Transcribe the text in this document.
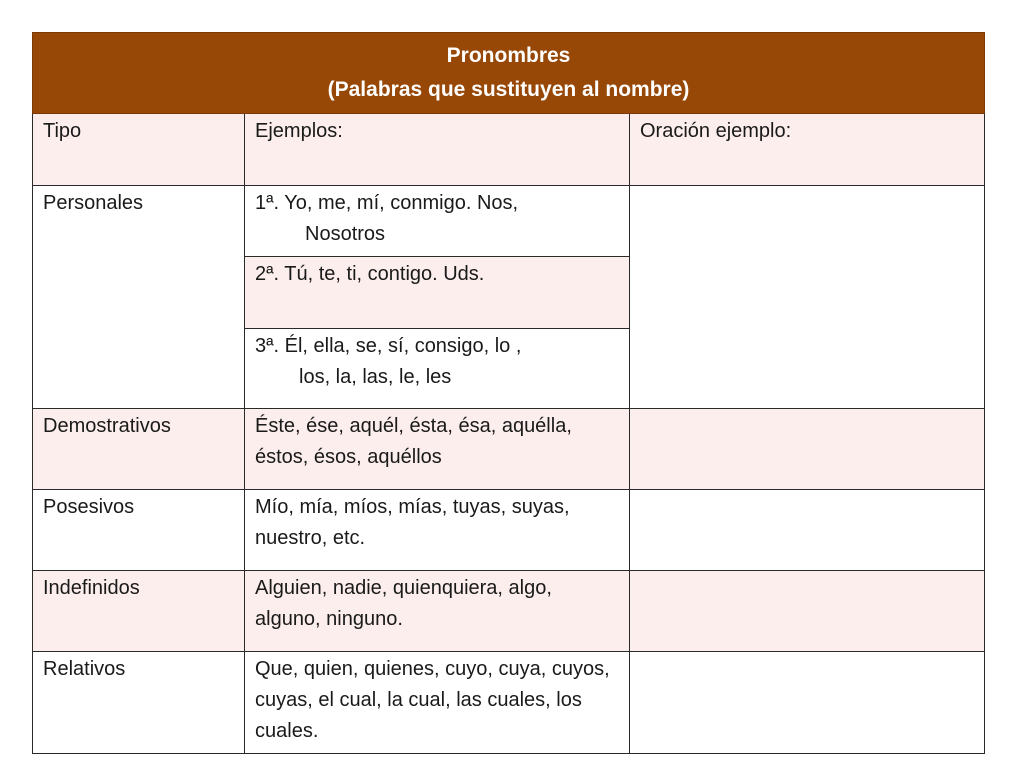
Pronombres
(Palabras que sustituyen al nombre)		
Tipo	Ejemplos:	Oración ejemplo:
Personales	1ª. Yo, me, mí, conmigo. Nos,
Nosotros	

	2ª. Tú, te, ti, contigo. Uds.	
	3ª. Él, ella, se, sí, consigo, lo ,
los, la, las, le, les	

Demostrativos	Éste, ése, aquél, ésta, ésa, aquélla, éstos, ésos, aquéllos	
Posesivos	Mío, mía, míos, mías, tuyas, suyas, nuestro, etc.	
Indefinidos	Alguien, nadie, quienquiera, algo, alguno, ninguno.	
Relativos	Que, quien, quienes, cuyo, cuya, cuyos, cuyas, el cual, la cual, las cuales, los cuales.	
